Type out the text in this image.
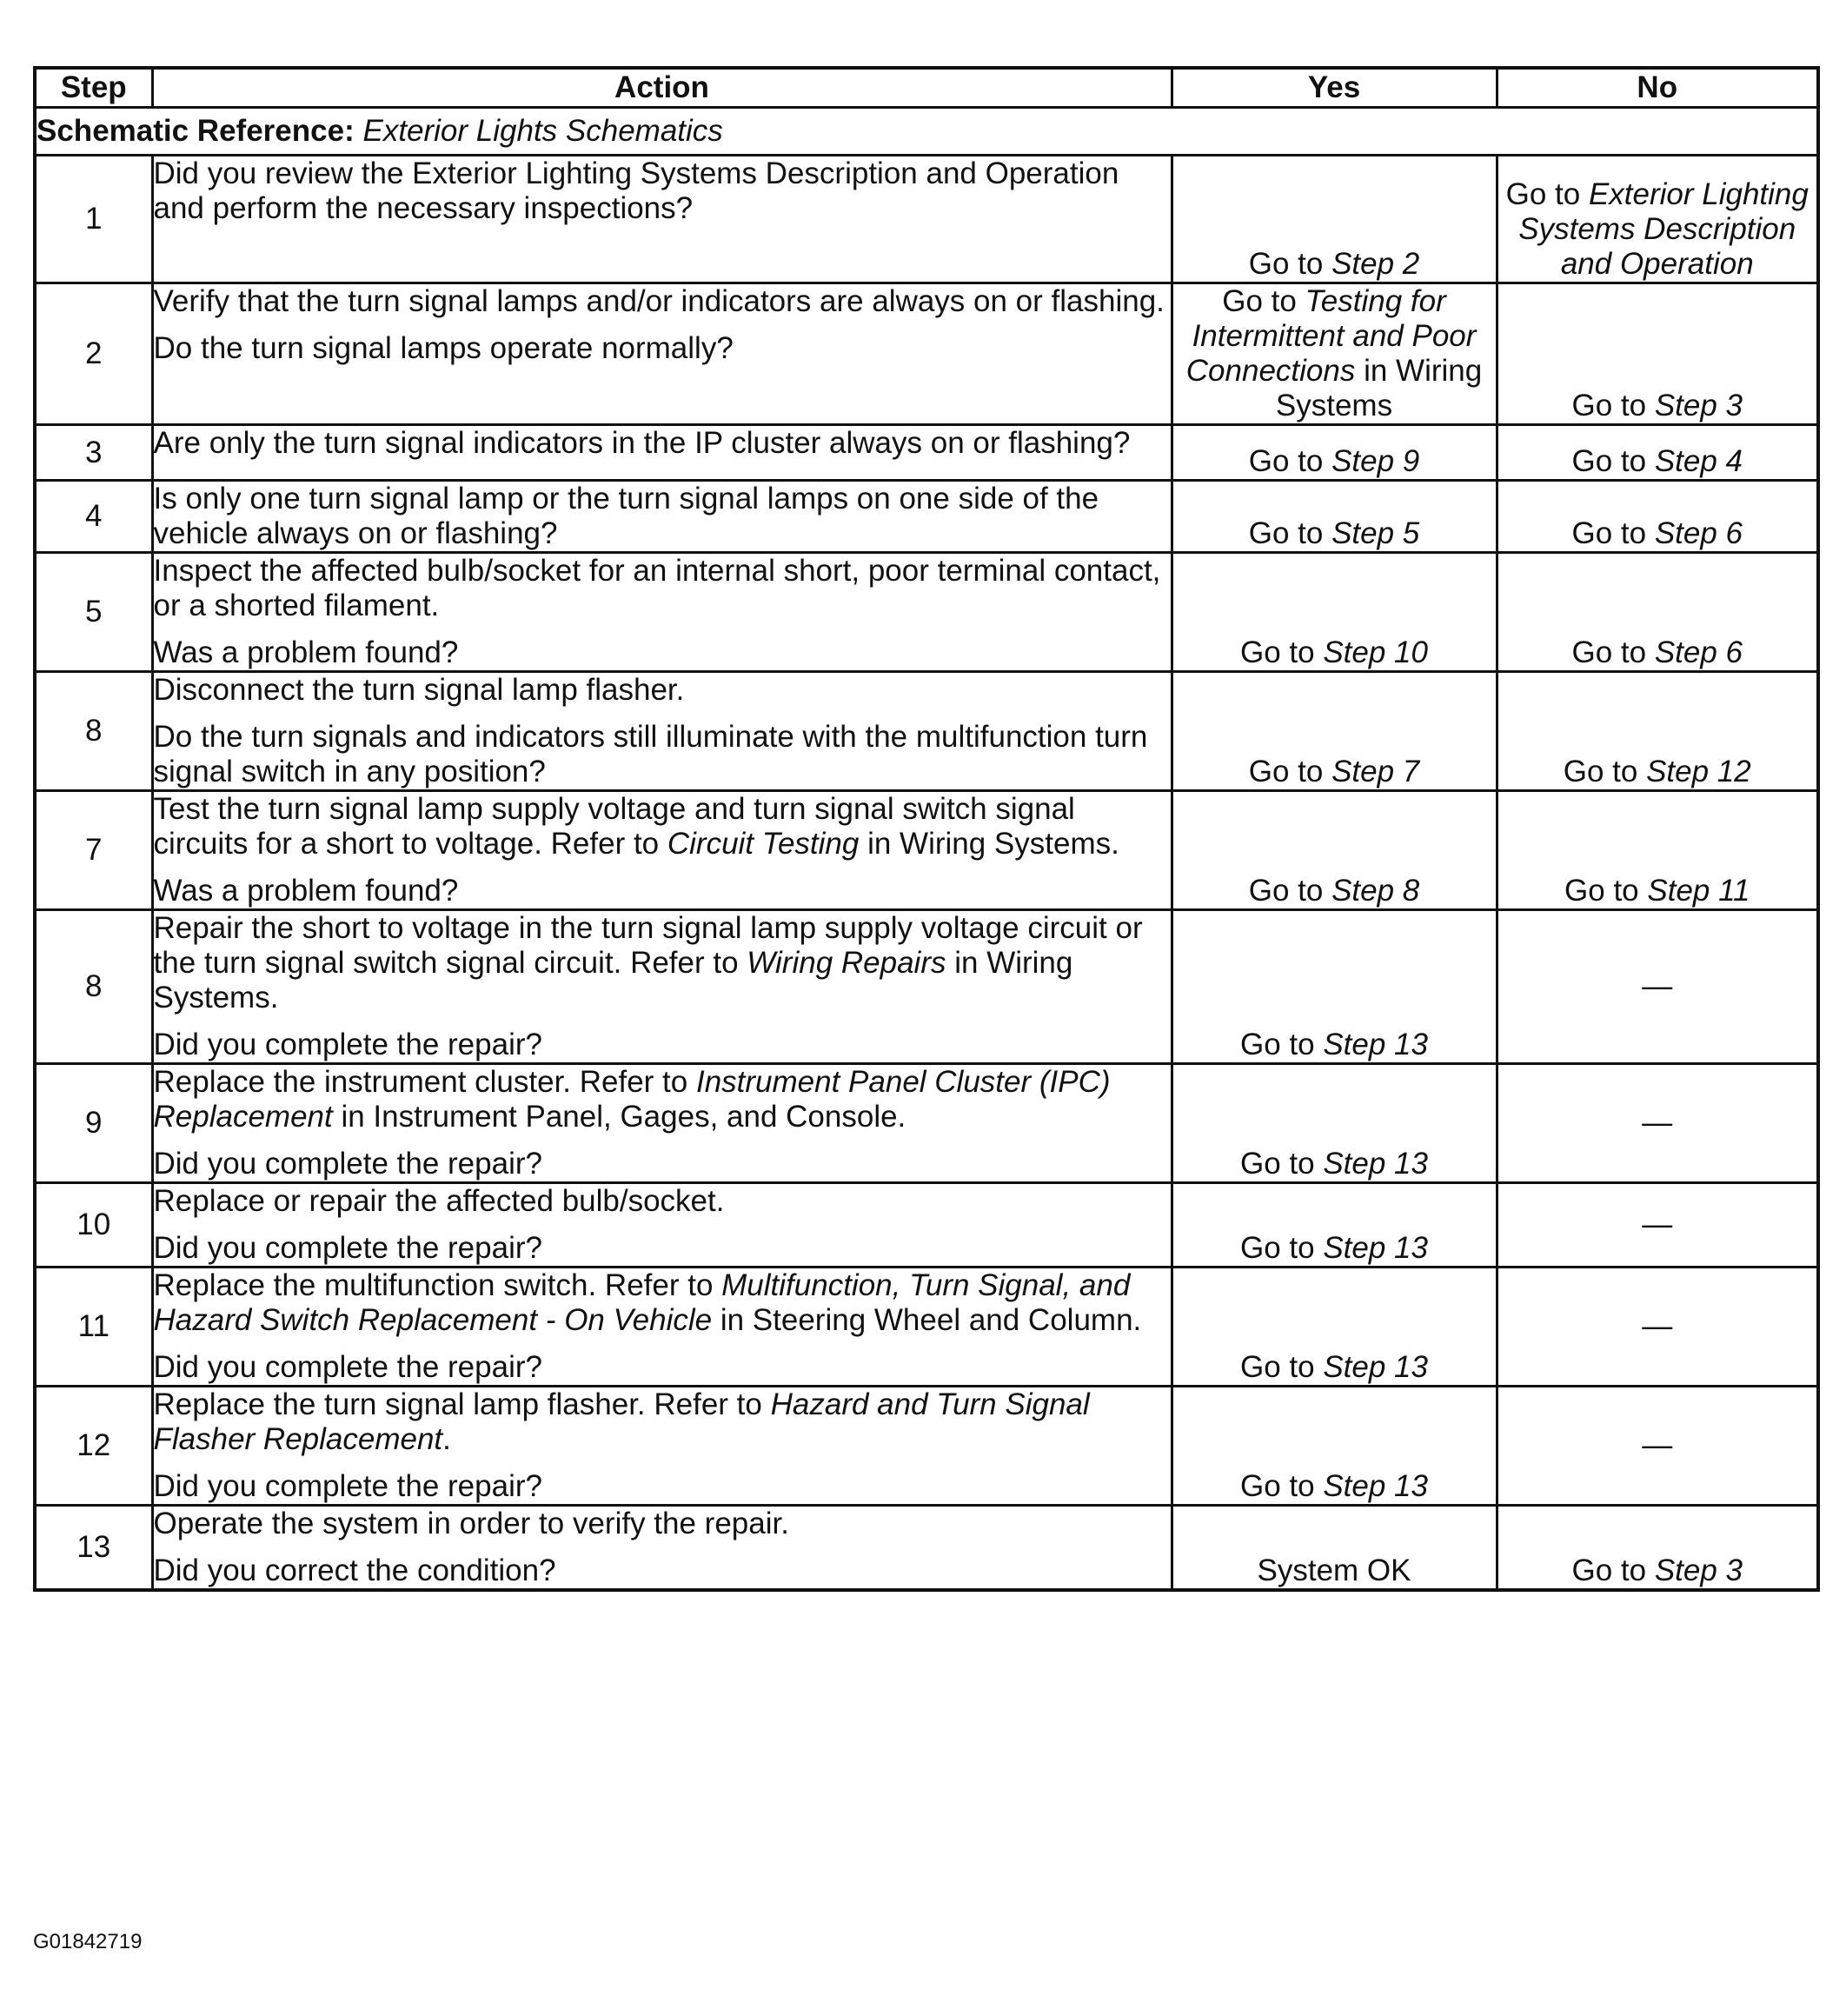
Step	Action	Yes	No
Schematic Reference: Exterior Lights Schematics			
1	Did you review the Exterior Lighting Systems Description and Operation and perform the necessary inspections?	Go to Step 2	Go to Exterior Lighting Systems Description and Operation
2	Verify that the turn signal lamps and/or indicators are always on or flashing.

Do the turn signal lamps operate normally?	Go to Testing for Intermittent and Poor Connections in Wiring Systems	Go to Step 3
3	Are only the turn signal indicators in the IP cluster always on or flashing?	Go to Step 9	Go to Step 4
4	Is only one turn signal lamp or the turn signal lamps on one side of the vehicle always on or flashing?	Go to Step 5	Go to Step 6
5	Inspect the affected bulb/socket for an internal short, poor terminal contact, or a shorted filament.

Was a problem found?	Go to Step 10	Go to Step 6
8	Disconnect the turn signal lamp flasher.

Do the turn signals and indicators still illuminate with the multifunction turn signal switch in any position?	Go to Step 7	Go to Step 12
7	Test the turn signal lamp supply voltage and turn signal switch signal circuits for a short to voltage. Refer to Circuit Testing in Wiring Systems.

Was a problem found?	Go to Step 8	Go to Step 11
8	Repair the short to voltage in the turn signal lamp supply voltage circuit or the turn signal switch signal circuit. Refer to Wiring Repairs in Wiring Systems.

Did you complete the repair?	Go to Step 13	—
9	Replace the instrument cluster. Refer to Instrument Panel Cluster (IPC) Replacement in Instrument Panel, Gages, and Console.

Did you complete the repair?	Go to Step 13	—
10	Replace or repair the affected bulb/socket.

Did you complete the repair?	Go to Step 13	—
11	Replace the multifunction switch. Refer to Multifunction, Turn Signal, and Hazard Switch Replacement - On Vehicle in Steering Wheel and Column.

Did you complete the repair?	Go to Step 13	—
12	Replace the turn signal lamp flasher. Refer to Hazard and Turn Signal Flasher Replacement.

Did you complete the repair?	Go to Step 13	—
13	Operate the system in order to verify the repair.

Did you correct the condition?	System OK	Go to Step 3
G01842719
